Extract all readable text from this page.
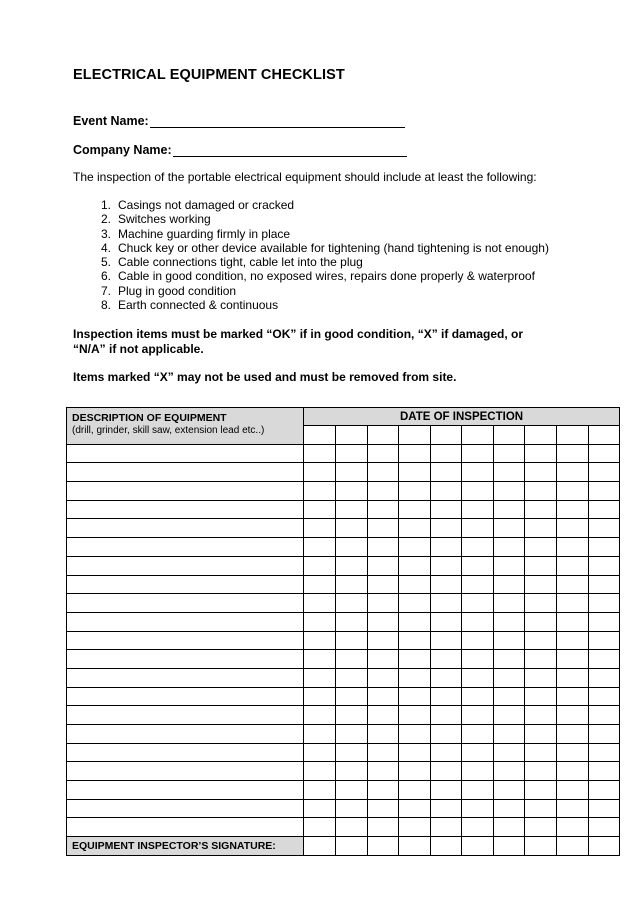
ELECTRICAL EQUIPMENT CHECKLIST
Event Name:
Company Name:
The inspection of the portable electrical equipment should include at least the following:
1. Casings not damaged or cracked
2. Switches working
3. Machine guarding firmly in place
4. Chuck key or other device available for tightening (hand tightening is not enough)
5. Cable connections tight, cable let into the plug
6. Cable in good condition, no exposed wires, repairs done properly & waterproof
7. Plug in good condition
8. Earth connected & continuous
Inspection items must be marked “OK” if in good condition, “X” if damaged, or
“N/A” if not applicable.
Items marked “X” may not be used and must be removed from site.
DESCRIPTION OF EQUIPMENT
(drill, grinder, skill saw, extension lead etc..)	DATE OF INSPECTION									

EQUIPMENT INSPECTOR’S SIGNATURE:										
